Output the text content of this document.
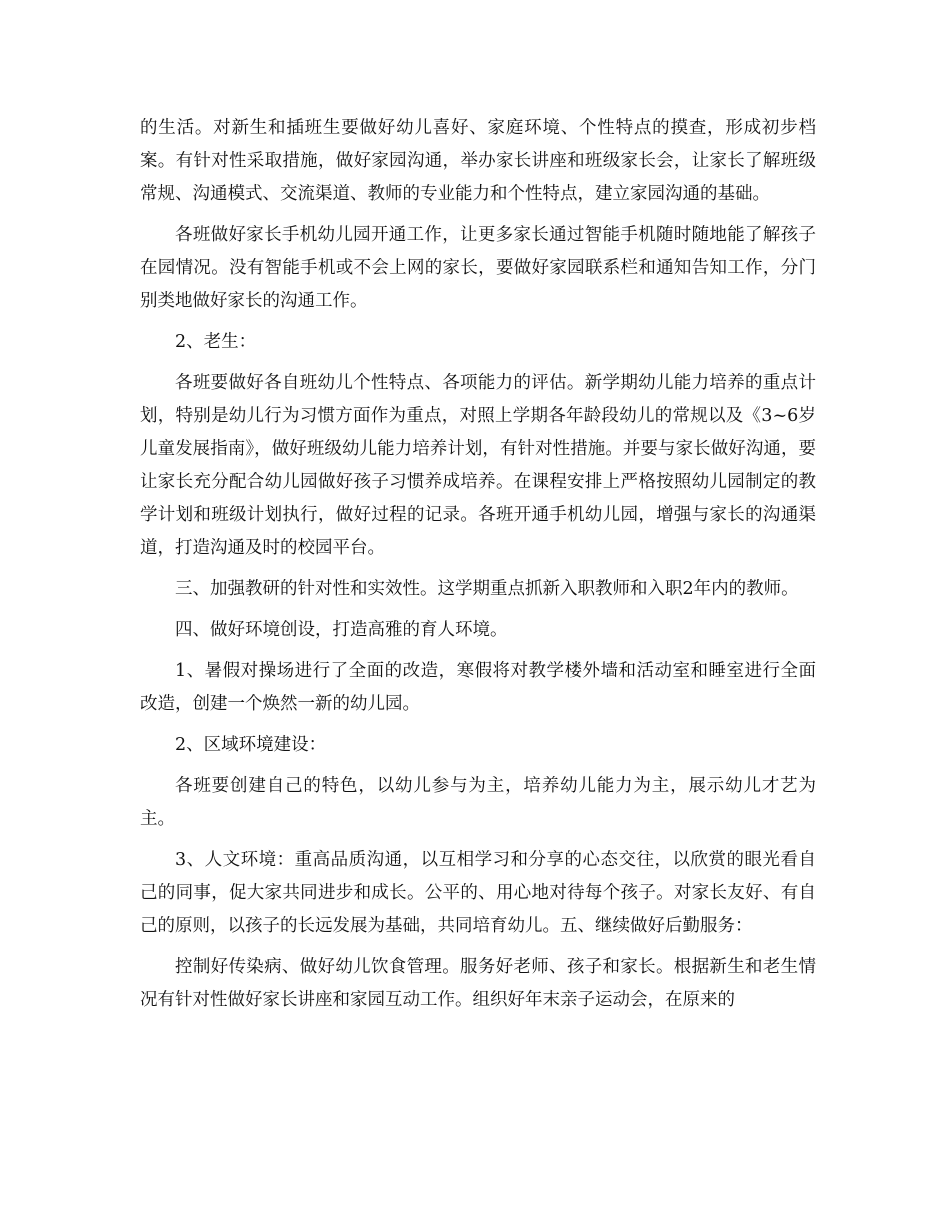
的生活。对新生和插班生要做好幼儿喜好、家庭环境、个性特点的摸查，形成初步档案。有针对性采取措施，做好家园沟通，举办家长讲座和班级家长会，让家长了解班级常规、沟通模式、交流渠道、教师的专业能力和个性特点，建立家园沟通的基础。

各班做好家长手机幼儿园开通工作，让更多家长通过智能手机随时随地能了解孩子在园情况。没有智能手机或不会上网的家长，要做好家园联系栏和通知告知工作，分门别类地做好家长的沟通工作。

2、老生：

各班要做好各自班幼儿个性特点、各项能力的评估。新学期幼儿能力培养的重点计划，特别是幼儿行为习惯方面作为重点，对照上学期各年龄段幼儿的常规以及《3~6岁儿童发展指南》，做好班级幼儿能力培养计划，有针对性措施。并要与家长做好沟通，要让家长充分配合幼儿园做好孩子习惯养成培养。在课程安排上严格按照幼儿园制定的教学计划和班级计划执行，做好过程的记录。各班开通手机幼儿园，增强与家长的沟通渠道，打造沟通及时的校园平台。

三、加强教研的针对性和实效性。这学期重点抓新入职教师和入职2年内的教师。

四、做好环境创设，打造高雅的育人环境。

1、暑假对操场进行了全面的改造，寒假将对教学楼外墙和活动室和睡室进行全面改造，创建一个焕然一新的幼儿园。

2、区域环境建设：

各班要创建自己的特色，以幼儿参与为主，培养幼儿能力为主，展示幼儿才艺为主。

3、人文环境：重高品质沟通，以互相学习和分享的心态交往，以欣赏的眼光看自己的同事，促大家共同进步和成长。公平的、用心地对待每个孩子。对家长友好、有自己的原则，以孩子的长远发展为基础，共同培育幼儿。五、继续做好后勤服务：

控制好传染病、做好幼儿饮食管理。服务好老师、孩子和家长。根据新生和老生情况有针对性做好家长讲座和家园互动工作。组织好年末亲子运动会，在原来的
